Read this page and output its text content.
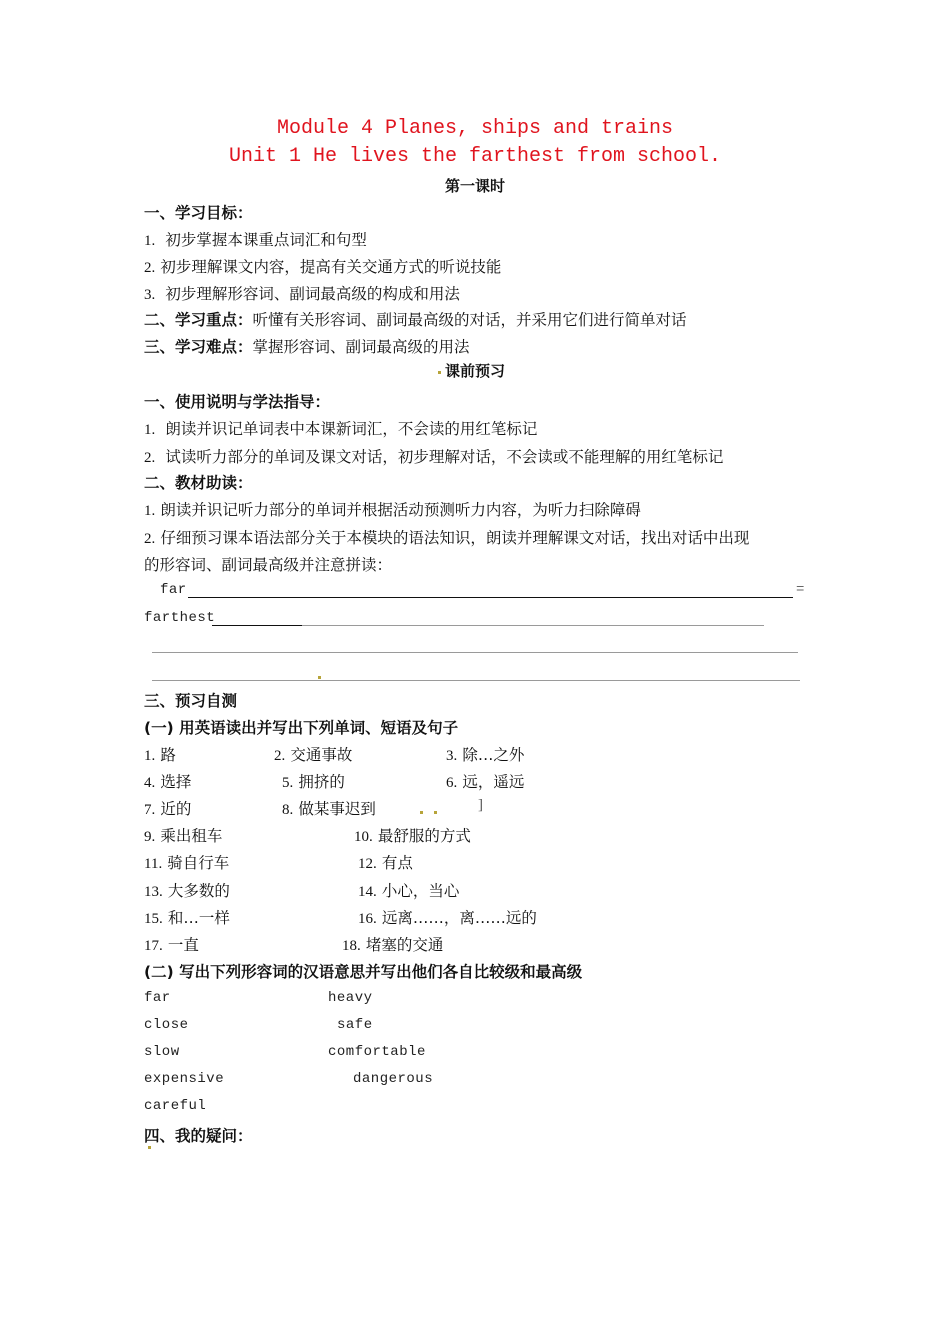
Module 4 Planes, ships and trains
Unit 1 He lives the farthest from school.
第一课时
一、学习目标：
1. 初步掌握本课重点词汇和句型
2. 初步理解课文内容，提高有关交通方式的听说技能
3. 初步理解形容词、副词最高级的构成和用法
二、学习重点：听懂有关形容词、副词最高级的对话，并采用它们进行简单对话
三、学习难点：掌握形容词、副词最高级的用法
课前预习
一、使用说明与学法指导：
1. 朗读并识记单词表中本课新词汇，不会读的用红笔标记
2. 试读听力部分的单词及课文对话，初步理解对话，不会读或不能理解的用红笔标记
二、教材助读：
1. 朗读并识记听力部分的单词并根据活动预测听力内容，为听力扫除障碍
2. 仔细预习课本语法部分关于本模块的语法知识，朗读并理解课文对话，找出对话中出现
的形容词、副词最高级并注意拼读：
far	=
farthest
三、预习自测
(一) 用英语读出并写出下列单词、短语及句子
1. 路	2. 交通事故	3. 除…之外
4. 选择	5. 拥挤的	6. 远，遥远
7. 近的	8. 做某事迟到	]
9. 乘出租车	10. 最舒服的方式
11. 骑自行车	12. 有点
13. 大多数的	14. 小心，当心
15. 和…一样	16. 远离……，离……远的
17. 一直	18. 堵塞的交通
(二) 写出下列形容词的汉语意思并写出他们各自比较级和最高级
far	heavy
close	safe
slow	comfortable
expensive	dangerous
careful
四、我的疑问：
